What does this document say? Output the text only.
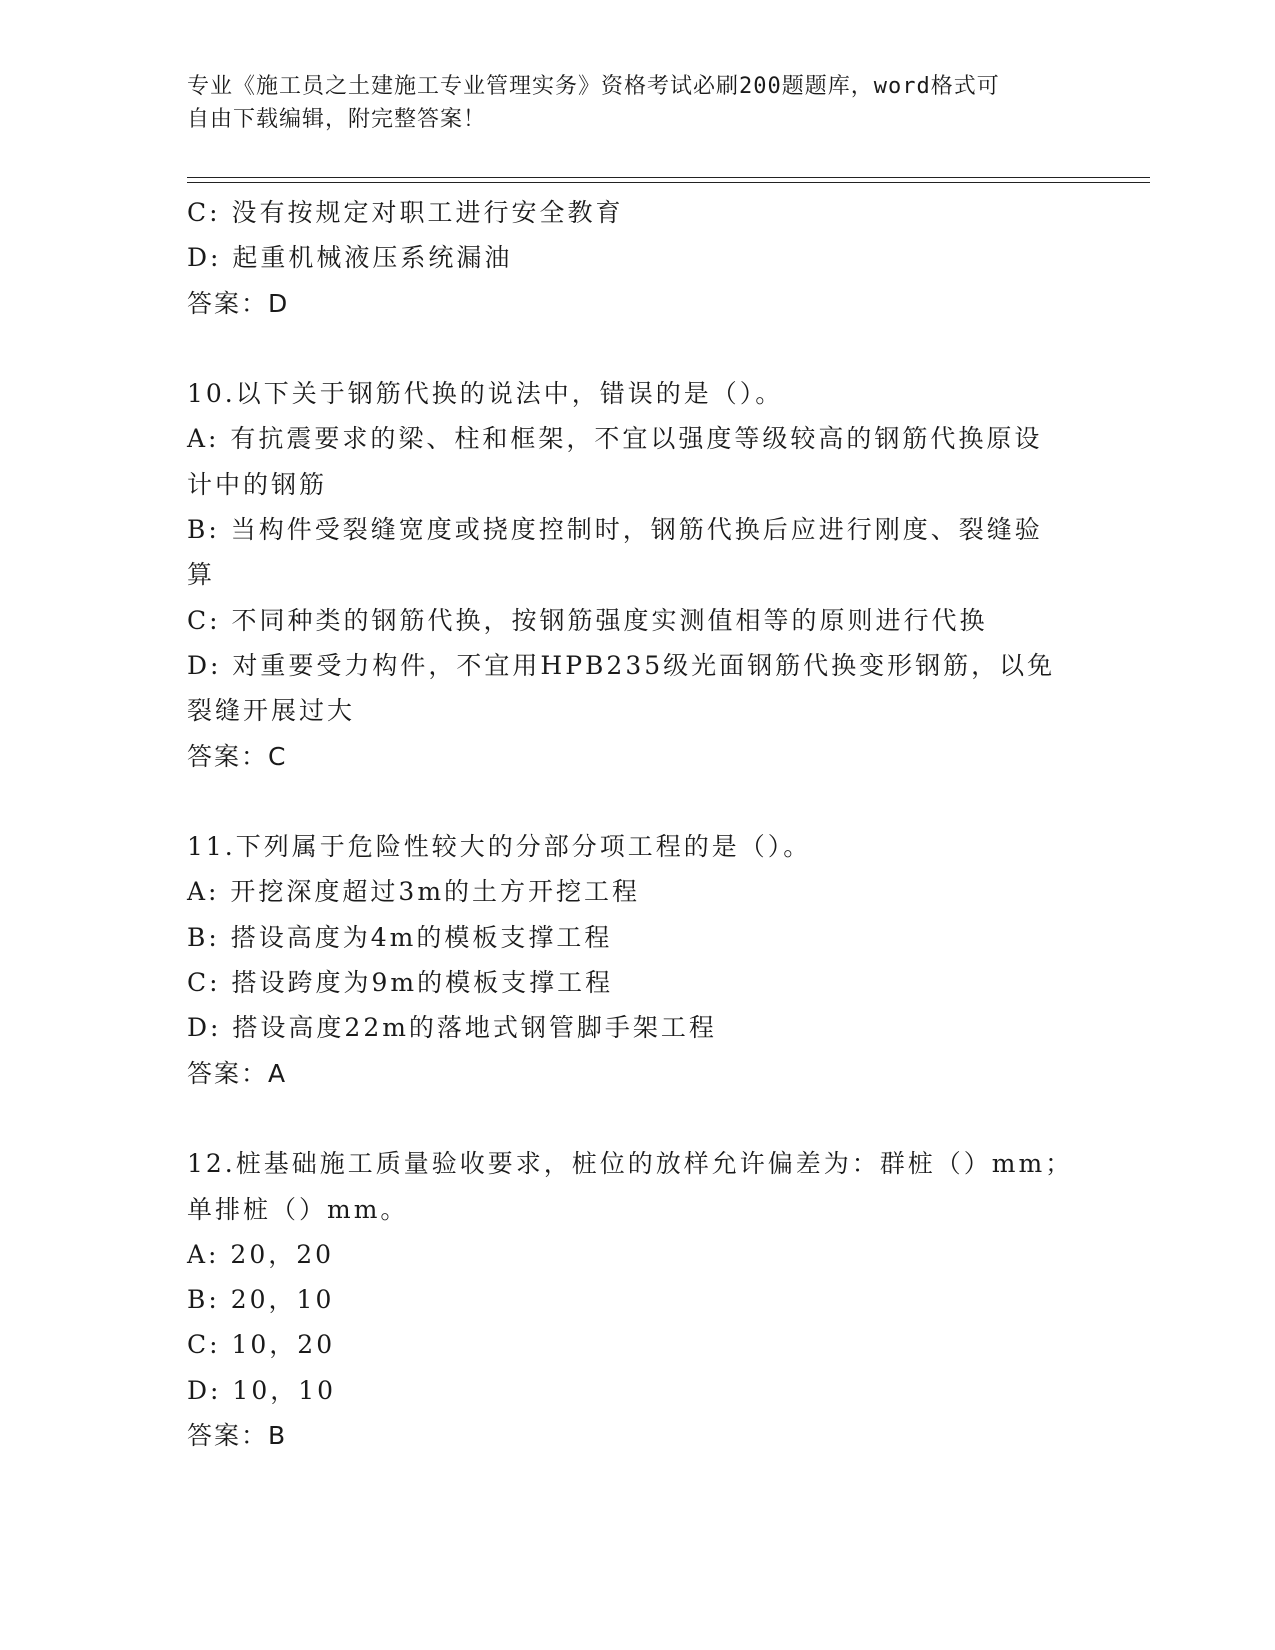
专业《施工员之土建施工专业管理实务》资格考试必刷200题题库，word格式可
自由下载编辑，附完整答案！
C: 没有按规定对职工进行安全教育
D: 起重机械液压系统漏油
答案：D
10.以下关于钢筋代换的说法中，错误的是（）。
A: 有抗震要求的梁、柱和框架，不宜以强度等级较高的钢筋代换原设
计中的钢筋
B: 当构件受裂缝宽度或挠度控制时，钢筋代换后应进行刚度、裂缝验
算
C: 不同种类的钢筋代换，按钢筋强度实测值相等的原则进行代换
D: 对重要受力构件，不宜用HPB235级光面钢筋代换变形钢筋，以免
裂缝开展过大
答案：C
11.下列属于危险性较大的分部分项工程的是（）。
A: 开挖深度超过3m的土方开挖工程
B: 搭设高度为4m的模板支撑工程
C: 搭设跨度为9m的模板支撑工程
D: 搭设高度22m的落地式钢管脚手架工程
答案：A
12.桩基础施工质量验收要求，桩位的放样允许偏差为：群桩（）mm；
单排桩（）mm。
A: 20，20
B: 20，10
C: 10，20
D: 10，10
答案：B
